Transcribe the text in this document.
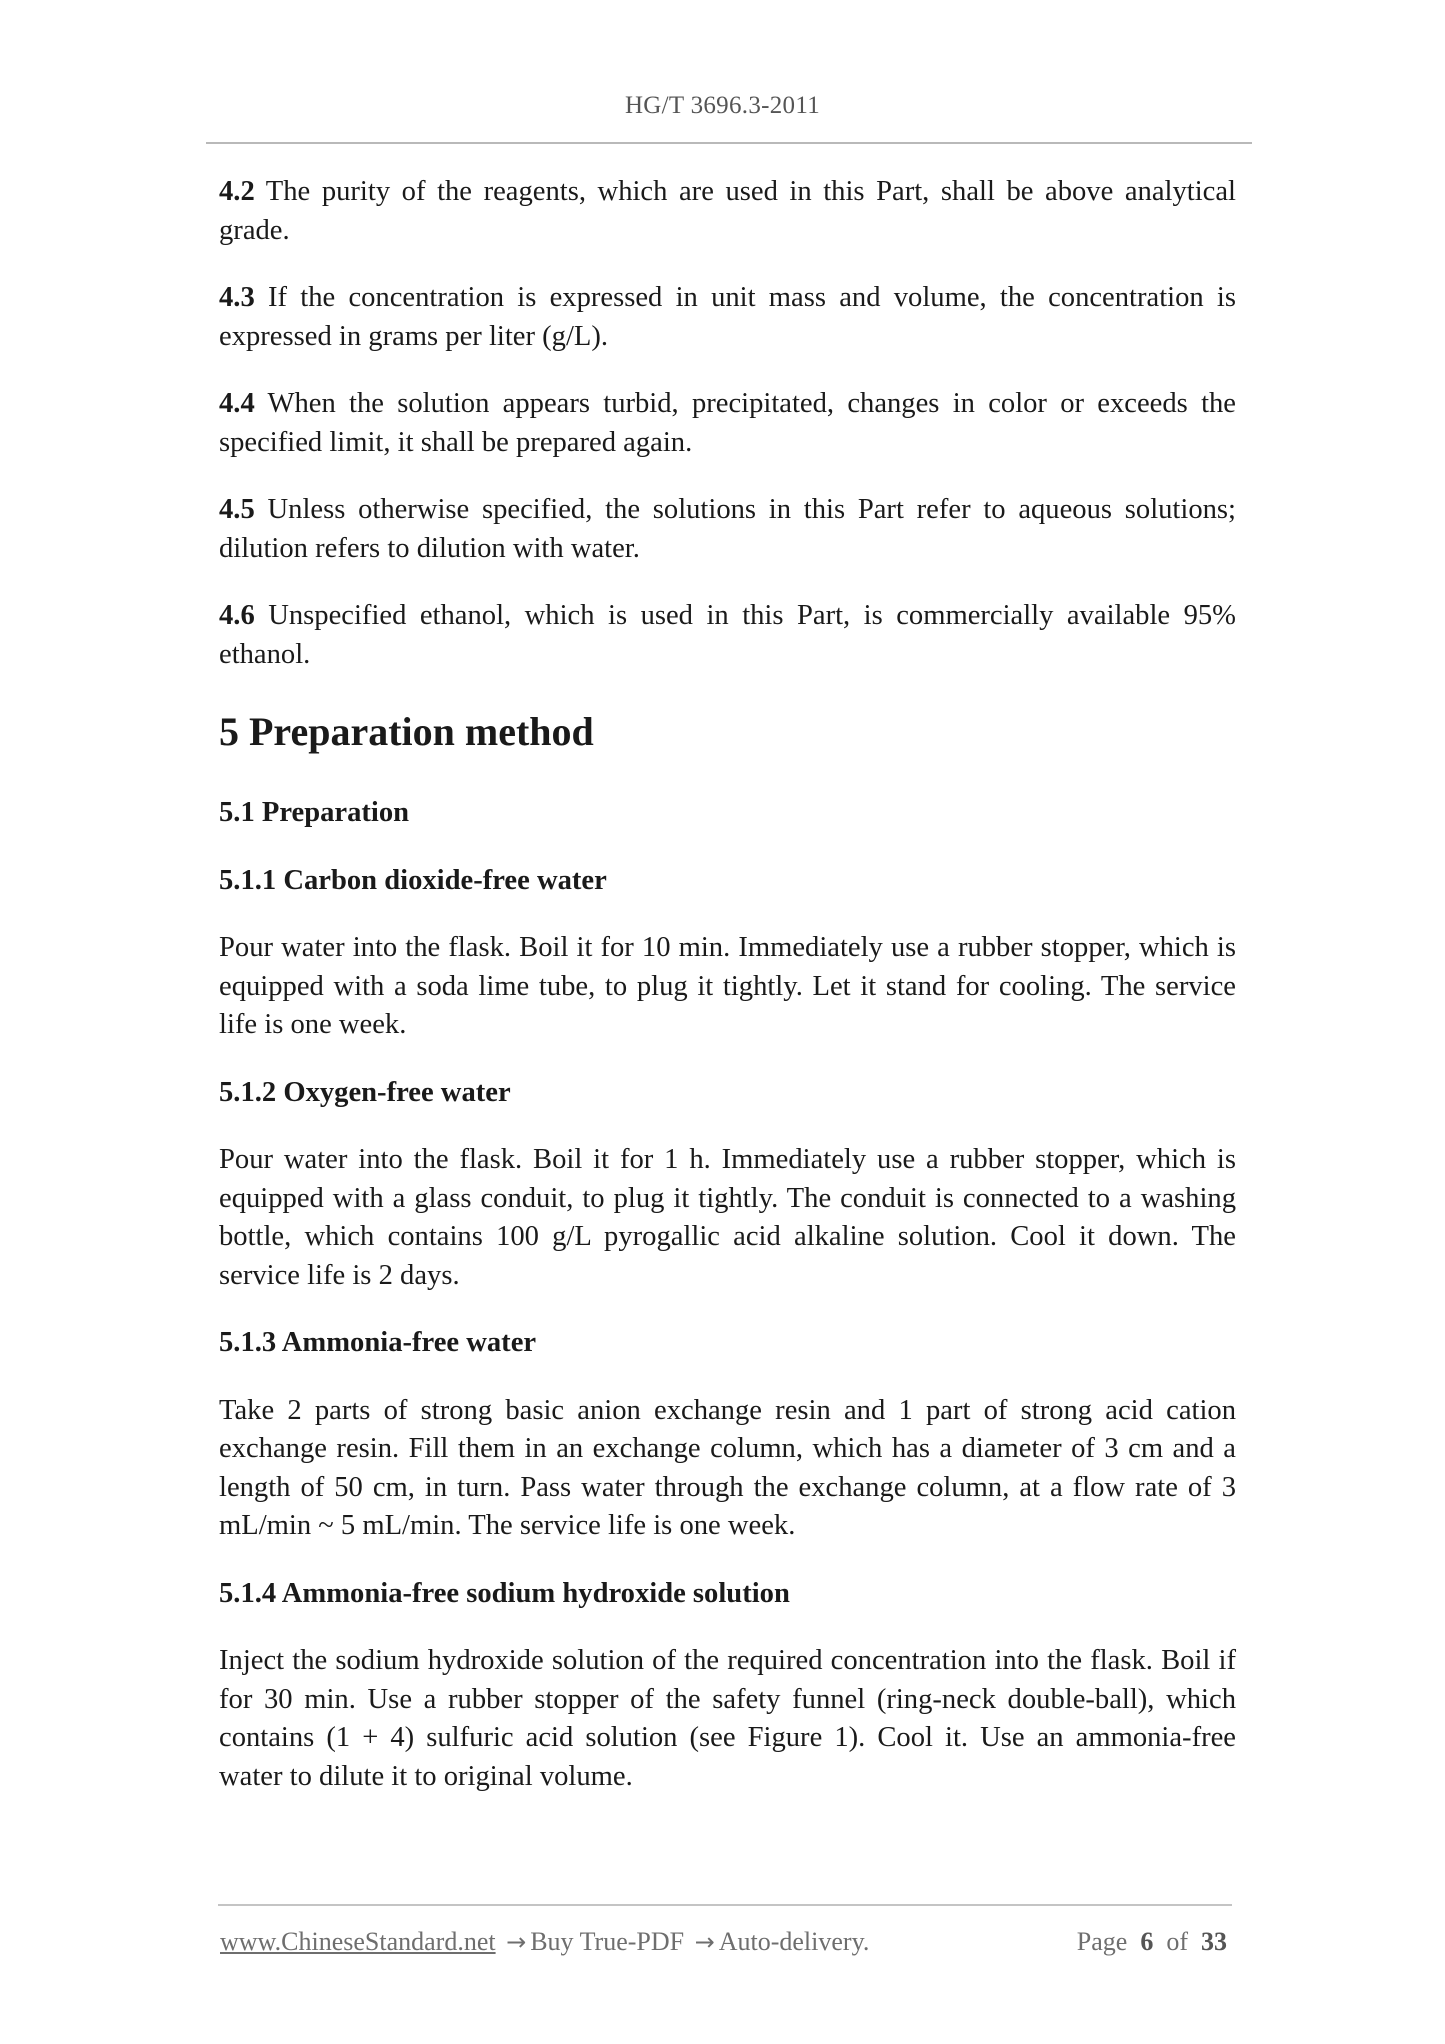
HG/T 3696.3-2011

4.2 The purity of the reagents, which are used in this Part, shall be above analytical grade.

4.3 If the concentration is expressed in unit mass and volume, the concentration is expressed in grams per liter (g/L).

4.4 When the solution appears turbid, precipitated, changes in color or exceeds the specified limit, it shall be prepared again.

4.5 Unless otherwise specified, the solutions in this Part refer to aqueous solutions; dilution refers to dilution with water.

4.6 Unspecified ethanol, which is used in this Part, is commercially available 95% ethanol.

5 Preparation method
5.1 Preparation
5.1.1 Carbon dioxide-free water

Pour water into the flask. Boil it for 10 min. Immediately use a rubber stopper, which is equipped with a soda lime tube, to plug it tightly. Let it stand for cooling. The service life is one week.

5.1.2 Oxygen-free water

Pour water into the flask. Boil it for 1 h. Immediately use a rubber stopper, which is equipped with a glass conduit, to plug it tightly. The conduit is connected to a washing bottle, which contains 100 g/L pyrogallic acid alkaline solution. Cool it down. The service life is 2 days.

5.1.3 Ammonia-free water

Take 2 parts of strong basic anion exchange resin and 1 part of strong acid cation exchange resin. Fill them in an exchange column, which has a diameter of 3 cm and a length of 50 cm, in turn. Pass water through the exchange column, at a flow rate of 3 mL/min ~ 5 mL/min. The service life is one week.

5.1.4 Ammonia-free sodium hydroxide solution

Inject the sodium hydroxide solution of the required concentration into the flask. Boil if for 30 min. Use a rubber stopper of the safety funnel (ring-neck double-ball), which contains (1 + 4) sulfuric acid solution (see Figure 1). Cool it. Use an ammonia-free water to dilute it to original volume.

www.ChineseStandard.net → Buy True-PDF → Auto-delivery.	Page 6 of 33
